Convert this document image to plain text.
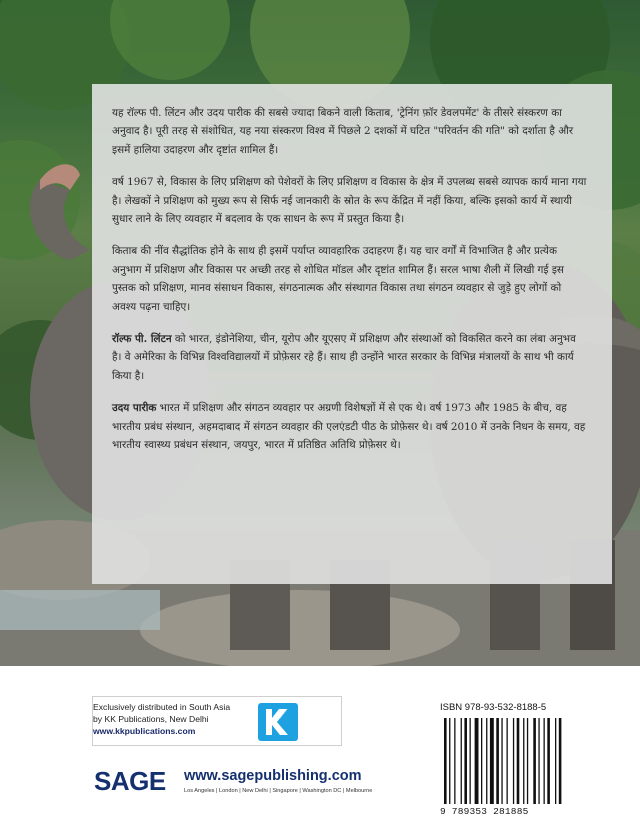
यह रॉल्फ पी. लिंटन और उदय पारीक की सबसे ज्यादा बिकने वाली किताब, 'ट्रेनिंग फ़ॉर डेवलपमेंट' के तीसरे संस्करण का अनुवाद है। पूरी तरह से संशोधित, यह नया संस्करण विश्व में पिछले 2 दशकों में घटित "परिवर्तन की गति" को दर्शाता है और इसमें हालिया उदाहरण और दृष्टांत शामिल हैं।

वर्ष 1967 से, विकास के लिए प्रशिक्षण को पेशेवरों के लिए प्रशिक्षण व विकास के क्षेत्र में उपलब्ध सबसे व्यापक कार्य माना गया है। लेखकों ने प्रशिक्षण को मुख्य रूप से सिर्फ नई जानकारी के स्रोत के रूप केंद्रित में नहीं किया, बल्कि इसको कार्य में स्थायी सुधार लाने के लिए व्यवहार में बदलाव के एक साधन के रूप में प्रस्तुत किया है।

किताब की नींव सैद्धांतिक होने के साथ ही इसमें पर्याप्त व्यावहारिक उदाहरण हैं। यह चार वर्गों में विभाजित है और प्रत्येक अनुभाग में प्रशिक्षण और विकास पर अच्छी तरह से शोधित मॉडल और दृष्टांत शामिल हैं। सरल भाषा शैली में लिखी गई इस पुस्तक को प्रशिक्षण, मानव संसाधन विकास, संगठनात्मक और संस्थागत विकास तथा संगठन व्यवहार से जुड़े हुए लोगों को अवश्य पढ़ना चाहिए।

रॉल्फ पी. लिंटन को भारत, इंडोनेशिया, चीन, यूरोप और यूएसए में प्रशिक्षण और संस्थाओं को विकसित करने का लंबा अनुभव है। वे अमेरिका के विभिन्न विश्वविद्यालयों में प्रोफ़ेसर रहे हैं। साथ ही उन्होंने भारत सरकार के विभिन्न मंत्रालयों के साथ भी कार्य किया है।

उदय पारीक भारत में प्रशिक्षण और संगठन व्यवहार पर अग्रणी विशेषज्ञों में से एक थे। वर्ष 1973 और 1985 के बीच, वह भारतीय प्रबंध संस्थान, अहमदाबाद में संगठन व्यवहार की एलएंडटी पीठ के प्रोफ़ेसर थे। वर्ष 2010 में उनके निधन के समय, वह भारतीय स्वास्थ्य प्रबंधन संस्थान, जयपुर, भारत में प्रतिष्ठित अतिथि प्रोफ़ेसर थे।

Exclusively distributed in South Asia
by KK Publications, New Delhi
www.kkpublications.com
SAGE www.sagepublishing.com
Los Angeles | London | New Delhi | Singapore | Washington DC | Melbourne
ISBN 978-93-532-8188-5
9 789353 281885
